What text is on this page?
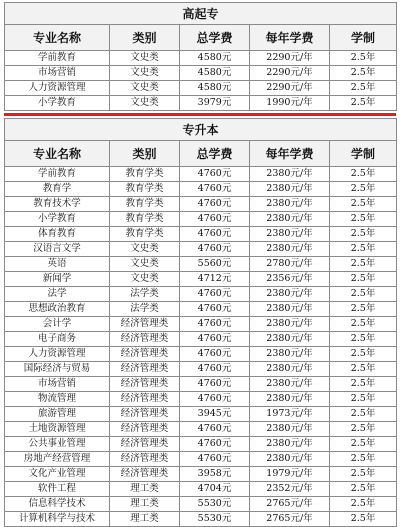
高起专				
专业名称	类别	总学费	每年学费	学制
学前教育	文史类	4580元	2290元/年	2.5年
市场营销	文史类	4580元	2290元/年	2.5年
人力资源管理	文史类	4580元	2290元/年	2.5年
小学教育	文史类	3979元	1990元/年	2.5年
专升本				
专业名称	类别	总学费	每年学费	学制
学前教育	教育学类	4760元	2380元/年	2.5年
教育学	教育学类	4760元	2380元/年	2.5年
教育技术学	教育学类	4760元	2380元/年	2.5年
小学教育	教育学类	4760元	2380元/年	2.5年
体育教育	教育学类	4760元	2380元/年	2.5年
汉语言文学	文史类	4760元	2380元/年	2.5年
英语	文史类	5560元	2780元/年	2.5年
新闻学	文史类	4712元	2356元/年	2.5年
法学	法学类	4760元	2380元/年	2.5年
思想政治教育	法学类	4760元	2380元/年	2.5年
会计学	经济管理类	4760元	2380元/年	2.5年
电子商务	经济管理类	4760元	2380元/年	2.5年
人力资源管理	经济管理类	4760元	2380元/年	2.5年
国际经济与贸易	经济管理类	4760元	2380元/年	2.5年
市场营销	经济管理类	4760元	2380元/年	2.5年
物流管理	经济管理类	4760元	2380元/年	2.5年
旅游管理	经济管理类	3945元	1973元/年	2.5年
土地资源管理	经济管理类	4760元	2380元/年	2.5年
公共事业管理	经济管理类	4760元	2380元/年	2.5年
房地产经营管理	经济管理类	4760元	2380元/年	2.5年
文化产业管理	经济管理类	3958元	1979元/年	2.5年
软件工程	理工类	4704元	2352元/年	2.5年
信息科学技术	理工类	5530元	2765元/年	2.5年
计算机科学与技术	理工类	5530元	2765元/年	2.5年
